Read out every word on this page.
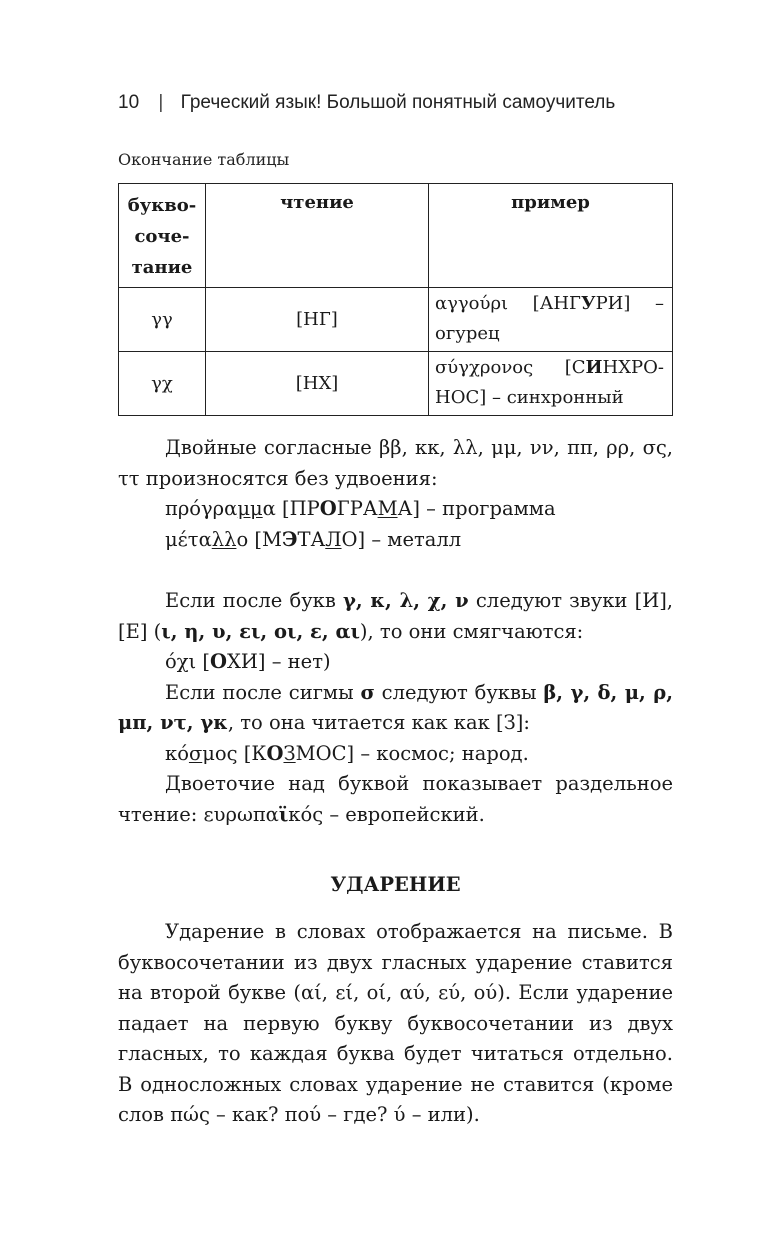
10 | Греческий язык! Большой понятный самоучитель
Окончание таблицы
букво-
соче-
тание	чтение	пример
γγ	[НГ]	αγγούρι [АНГУРИ] – огурец
γχ	[НХ]	σύγχρονος [СИНХРО-НОС] – синхронный

Двойные согласные ββ, κκ, λλ, μμ, νν, ππ, ρρ, σς, ττ произносятся без удвоения:

πρόγραμμα [ПРОГРАМА] – программа

μέταλλο [МЭТАЛО] – металл

Если после букв γ, κ, λ, χ, ν следуют звуки [И], [Е] (ι, η, υ, ει, οι, ε, αι), то они смягчаются:

όχι [ОХИ] – нет)

Если после сигмы σ следуют буквы β, γ, δ, μ, ρ, μπ, ντ, γκ, то она читается как как [З]:

κόσμος [КОЗМОС] – космос; народ.

Двоеточие над буквой показывает раздельное чтение: ευρωπαϊκός – европейский.

УДАРЕНИЕ

Ударение в словах отображается на письме. В буквосочетании из двух гласных ударение ставится на второй букве (αί, εί, οί, αύ, εύ, ού). Если ударение падает на первую букву буквосочетании из двух гласных, то каждая буква будет читаться отдельно. В односложных словах ударение не ставится (кроме слов πώς – как? πού – где? ύ – или).
